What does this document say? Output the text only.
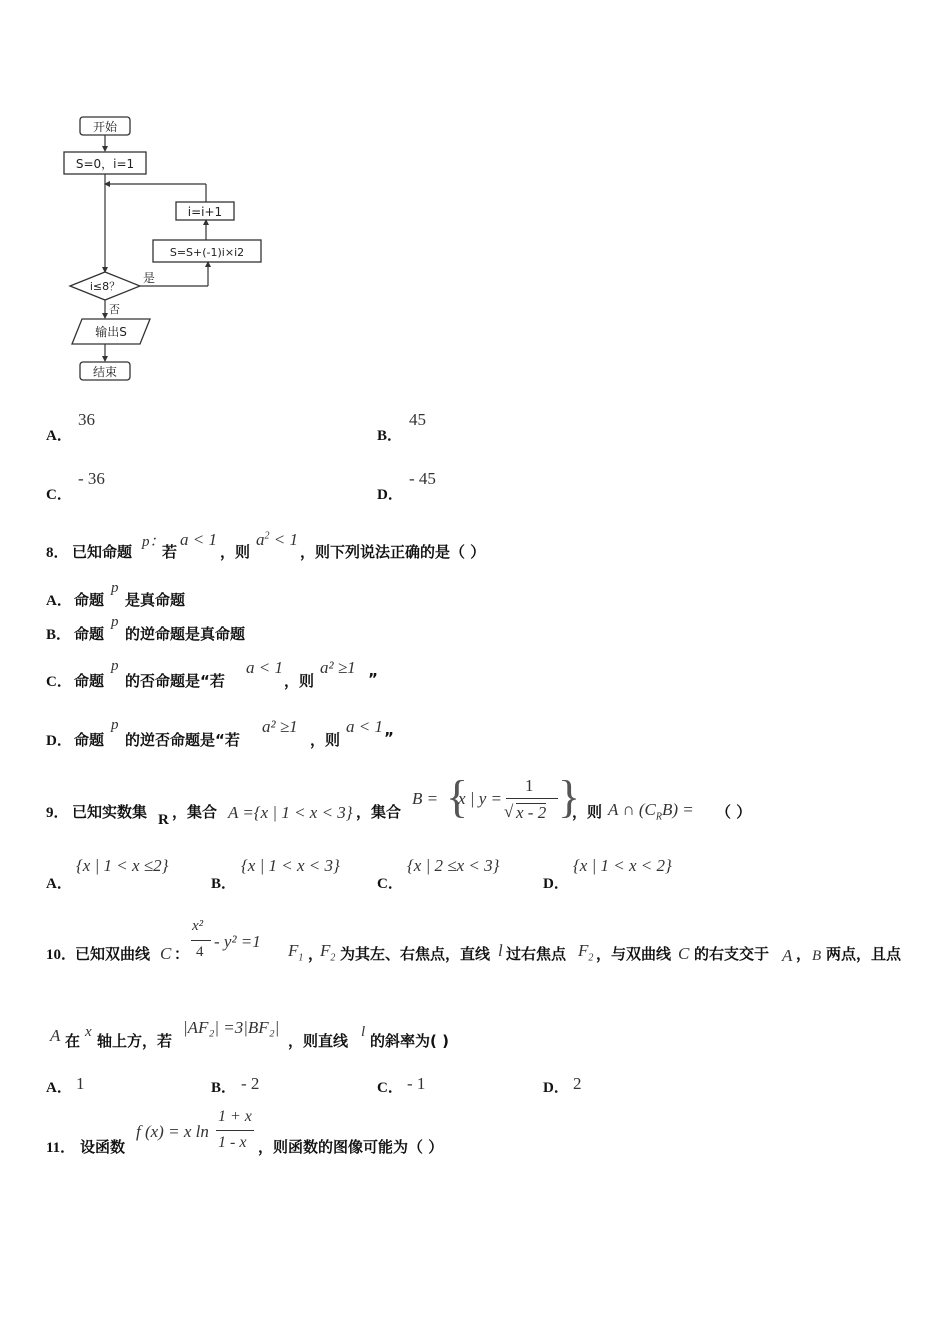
开始
S=0，i=1
i=i+1
S=S+(-1)i×i2
i≤8？
是
否
输出S
结束
A．
36
B．
45
C．
- 36
D．
- 45
8． 已知命题
p：
若
a < 1
，则
$a^2 < 1$
，则下列说法正确的是（ ）
A． 命题
p
是真命题
B． 命题
p
的逆命题是真命题
C． 命题
p
的否命题是“若
a < 1
，则
a² ≥1
”
D． 命题
p
的逆否命题是“若
a² ≥1
，则
a < 1
”
9． 已知实数集 R ，集合 A ={x | 1 < x < 3} ，集合
B = {
x | y =
1
√ x - 2 }
，则 A ∩ $(C_RB)$ = （ ）
A．
{x | 1 < x ≤2}
B．
{x | 1 < x < 3}
C．
{x | 2 ≤x < 3}
D．
{x | 1 < x < 2}
10．
已知双曲线 C ：
x²
4
- y² =1 $F_1$ ，
$F_2$ 为其左、右焦点，直线 l 过右焦点 $F_2$ ，与双曲线 C 的右支交于 A ， B 两点，且点
A 在 x 轴上方，若
|AF₂| =3|BF₂|
，则直线 l 的斜率为( )
A． 1	B． - 2	C． - 1	D． 2
11． 设函数
f (x) = x ln
1 + x
1 - x ，则函数的图像可能为（ ）
